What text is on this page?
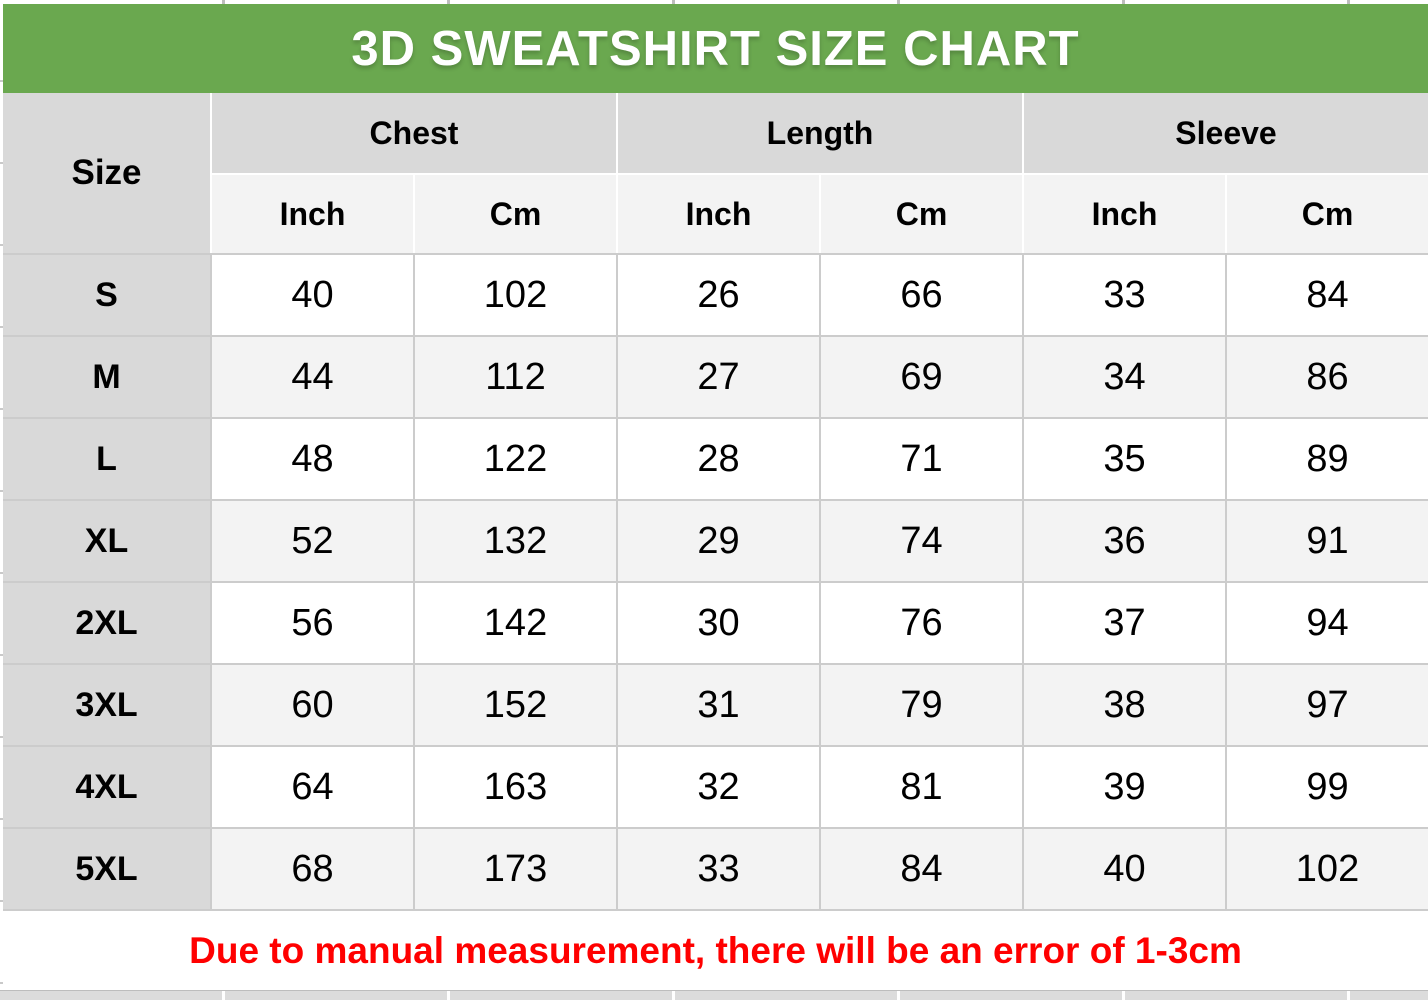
3D SWEATSHIRT SIZE CHART
Size
Chest	Length	Sleeve
Inch	Cm	Inch	Cm	Inch	Cm
S	40	102	26	66	33	84
M	44	112	27	69	34	86
L	48	122	28	71	35	89
XL	52	132	29	74	36	91
2XL	56	142	30	76	37	94
3XL	60	152	31	79	38	97
4XL	64	163	32	81	39	99
5XL	68	173	33	84	40	102
Due to manual measurement, there will be an error of 1-3cm
